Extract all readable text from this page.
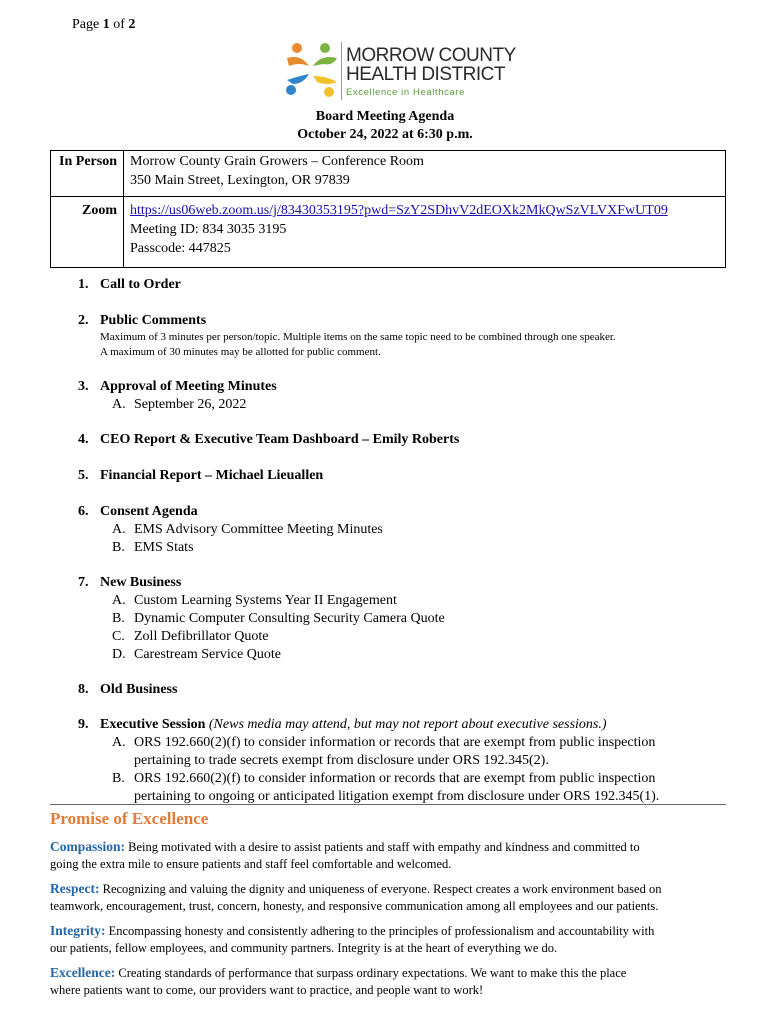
Page 1 of 2
MORROW COUNTY
HEALTH DISTRICT
Excellence in Healthcare
Board Meeting Agenda
October 24, 2022 at 6:30 p.m.
In Person	Morrow County Grain Growers – Conference Room
350 Main Street, Lexington, OR 97839

Zoom	https://us06web.zoom.us/j/83430353195?pwd=SzY2SDhvV2dEOXk2MkQwSzVLVXFwUT09
Meeting ID: 834 3035 3195
Passcode: 447825
1. Call to Order
2. Public Comments
Maximum of 3 minutes per person/topic. Multiple items on the same topic need to be combined through one speaker.
A maximum of 30 minutes may be allotted for public comment.
3. Approval of Meeting Minutes
A. September 26, 2022
4. CEO Report & Executive Team Dashboard – Emily Roberts
5. Financial Report – Michael Lieuallen
6. Consent Agenda
A. EMS Advisory Committee Meeting Minutes
B. EMS Stats
7. New Business
A. Custom Learning Systems Year II Engagement
B. Dynamic Computer Consulting Security Camera Quote
C. Zoll Defibrillator Quote
D. Carestream Service Quote
8. Old Business
9. Executive Session (News media may attend, but may not report about executive sessions.)
A. ORS 192.660(2)(f) to consider information or records that are exempt from public inspection
pertaining to trade secrets exempt from disclosure under ORS 192.345(2).
B. ORS 192.660(2)(f) to consider information or records that are exempt from public inspection
pertaining to ongoing or anticipated litigation exempt from disclosure under ORS 192.345(1).
Promise of Excellence
Compassion: Being motivated with a desire to assist patients and staff with empathy and kindness and committed to
going the extra mile to ensure patients and staff feel comfortable and welcomed.
Respect: Recognizing and valuing the dignity and uniqueness of everyone. Respect creates a work environment based on
teamwork, encouragement, trust, concern, honesty, and responsive communication among all employees and our patients.
Integrity: Encompassing honesty and consistently adhering to the principles of professionalism and accountability with
our patients, fellow employees, and community partners. Integrity is at the heart of everything we do.
Excellence: Creating standards of performance that surpass ordinary expectations. We want to make this the place
where patients want to come, our providers want to practice, and people want to work!
